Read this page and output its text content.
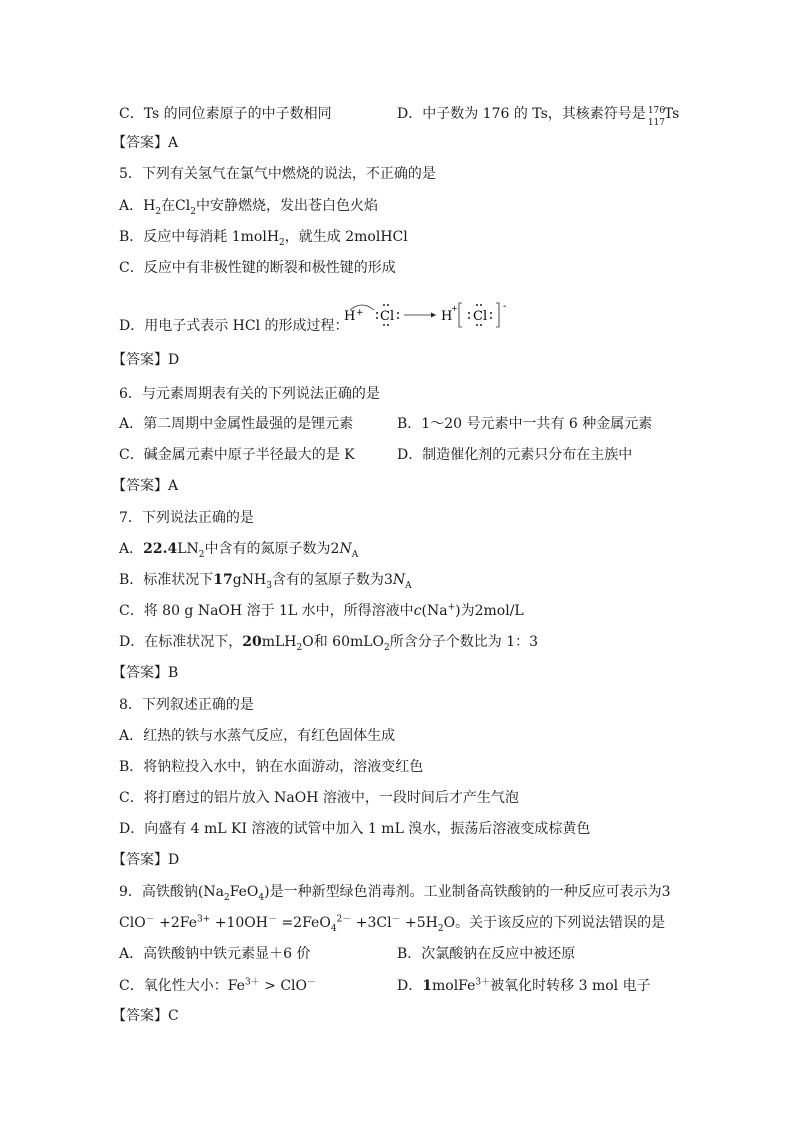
C．Ts 的同位素原子的中子数相同	D．中子数为 176 的 Ts，其核素符号是 176
117
Ts
【答案】A
5．下列有关氢气在氯气中燃烧的说法，不正确的是
A．$H_2$在$Cl_2$中安静燃烧，发出苍白色火焰
B．反应中每消耗 1molH$_2$，就生成 2molHCl
C．反应中有非极性键的断裂和极性键的形成
D．用电子式表示 HCl 的形成过程：
H + Cl	H
+
Cl
-
【答案】D
6．与元素周期表有关的下列说法正确的是
A．第二周期中金属性最强的是锂元素	B．1～20 号元素中一共有 6 种金属元素
C．碱金属元素中原子半径最大的是 K	D．制造催化剂的元素只分布在主族中
【答案】A
7．下列说法正确的是
A．$22.4LN_2$中含有的氮原子数为$2N_A$
B．标准状况下17gNH$_3$含有的氢原子数为$3N_A$
C．将 80 g NaOH 溶于 1L 水中，所得溶液中c(Na+)为2mol/L
D．在标准状况下，20mLH$_2$O和 60mLO$_2$所含分子个数比为 1：3
【答案】B
8．下列叙述正确的是
A．红热的铁与水蒸气反应，有红色固体生成
B．将钠粒投入水中，钠在水面游动，溶液变红色
C．将打磨过的铝片放入 NaOH 溶液中，一段时间后才产生气泡
D．向盛有 4 mL KI 溶液的试管中加入 1 mL 溴水，振荡后溶液变成棕黄色
【答案】D
9．高铁酸钠$(Na_2FeO_4)$是一种新型绿色消毒剂。工业制备高铁酸钠的一种反应可表示为3
$ClO^- +2Fe^{3+} +10OH^- =2FeO_4^{2-} +3Cl^- +5H_2O$。关于该反应的下列说法错误的是
A．高铁酸钠中铁元素显＋6 价	B．次氯酸钠在反应中被还原
C．氧化性大小：$Fe^{3+} > ClO^-$	D．1molFe$^{3+}$被氧化时转移 3 mol 电子
【答案】C
